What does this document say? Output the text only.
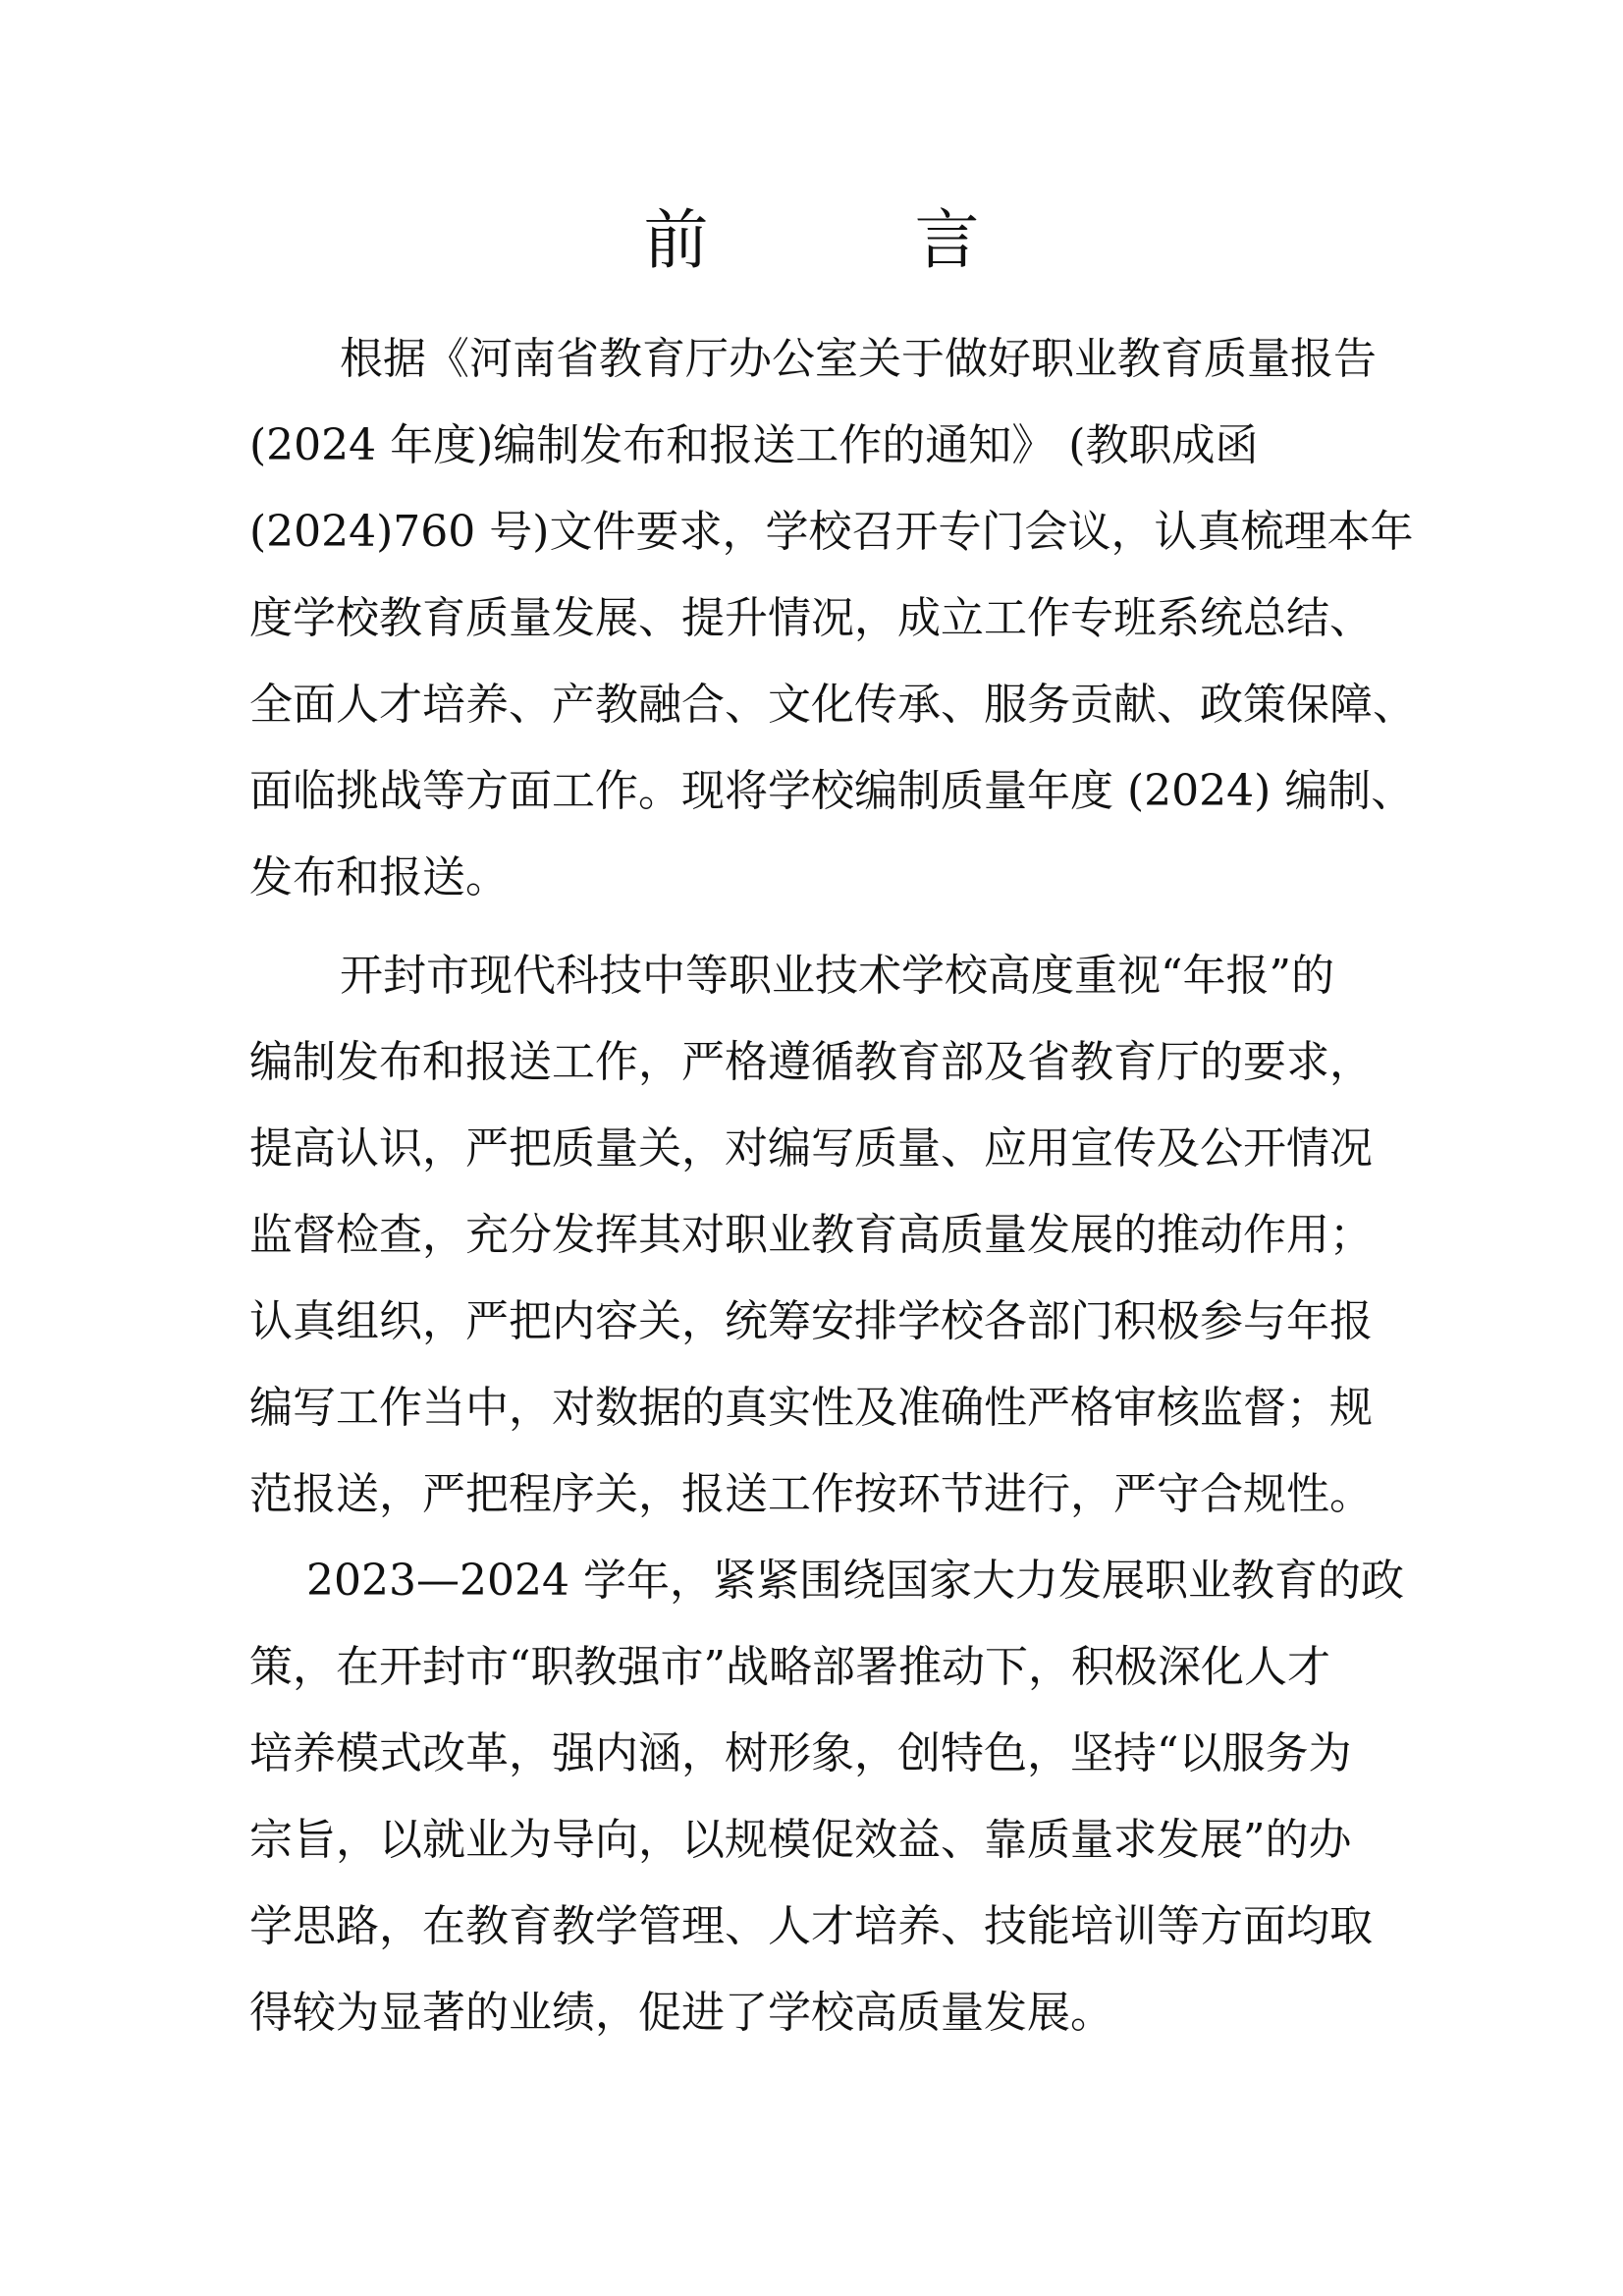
前　言
根据《河南省教育厅办公室关于做好职业教育质量报告
(2024 年度)编制发布和报送工作的通知》 (教职成函
(2024)760 号)文件要求，学校召开专门会议，认真梳理本年
度学校教育质量发展、提升情况，成立工作专班系统总结、
全面人才培养、产教融合、文化传承、服务贡献、政策保障、
面临挑战等方面工作。现将学校编制质量年度 (2024) 编制、
发布和报送。
开封市现代科技中等职业技术学校高度重视“年报”的
编制发布和报送工作，严格遵循教育部及省教育厅的要求，
提高认识，严把质量关，对编写质量、应用宣传及公开情况
监督检查，充分发挥其对职业教育高质量发展的推动作用；
认真组织，严把内容关，统筹安排学校各部门积极参与年报
编写工作当中，对数据的真实性及准确性严格审核监督；规
范报送，严把程序关，报送工作按环节进行，严守合规性。
2023—2024 学年，紧紧围绕国家大力发展职业教育的政
策，在开封市“职教强市”战略部署推动下，积极深化人才
培养模式改革，强内涵，树形象，创特色，坚持“以服务为
宗旨，以就业为导向，以规模促效益、靠质量求发展”的办
学思路，在教育教学管理、人才培养、技能培训等方面均取
得较为显著的业绩，促进了学校高质量发展。
